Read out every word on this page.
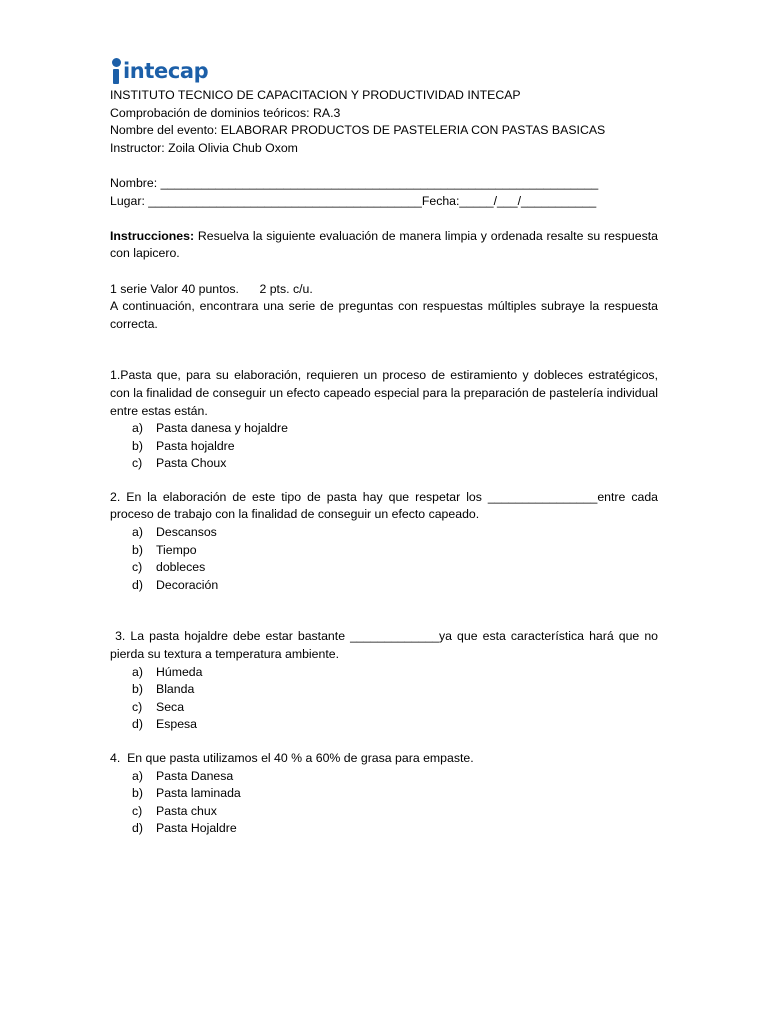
intecap
INSTITUTO TECNICO DE CAPACITACION Y PRODUCTIVIDAD INTECAP
Comprobación de dominios teóricos: RA.3
Nombre del evento: ELABORAR PRODUCTOS DE PASTELERIA CON PASTAS BASICAS
Instructor: Zoila Olivia Chub Oxom
Nombre: ________________________________________________________________
Lugar: ________________________________________Fecha:_____/___/___________
Instrucciones: Resuelva la siguiente evaluación de manera limpia y ordenada resalte su respuesta con lapicero.
1 serie Valor 40 puntos.      2 pts. c/u.
A continuación, encontrara una serie de preguntas con respuestas múltiples subraye la respuesta correcta.
1.Pasta que, para su elaboración, requieren un proceso de estiramiento y dobleces estratégicos, con la finalidad de conseguir un efecto capeado especial para la preparación de pastelería individual entre estas están.
a)	Pasta danesa y hojaldre
b)	Pasta hojaldre
c)	Pasta Choux
2. En la elaboración de este tipo de pasta hay que respetar los ________________entre cada proceso de trabajo con la finalidad de conseguir un efecto capeado.
a)	Descansos
b)	Tiempo
c)	dobleces
d)	Decoración
3. La pasta hojaldre debe estar bastante _____________ya que esta característica hará que no pierda su textura a temperatura ambiente.
a)	Húmeda
b)	Blanda
c)	Seca
d)	Espesa
4.  En que pasta utilizamos el 40 % a 60% de grasa para empaste.
a)	Pasta Danesa
b)	Pasta laminada
c)	Pasta chux
d)	Pasta Hojaldre
